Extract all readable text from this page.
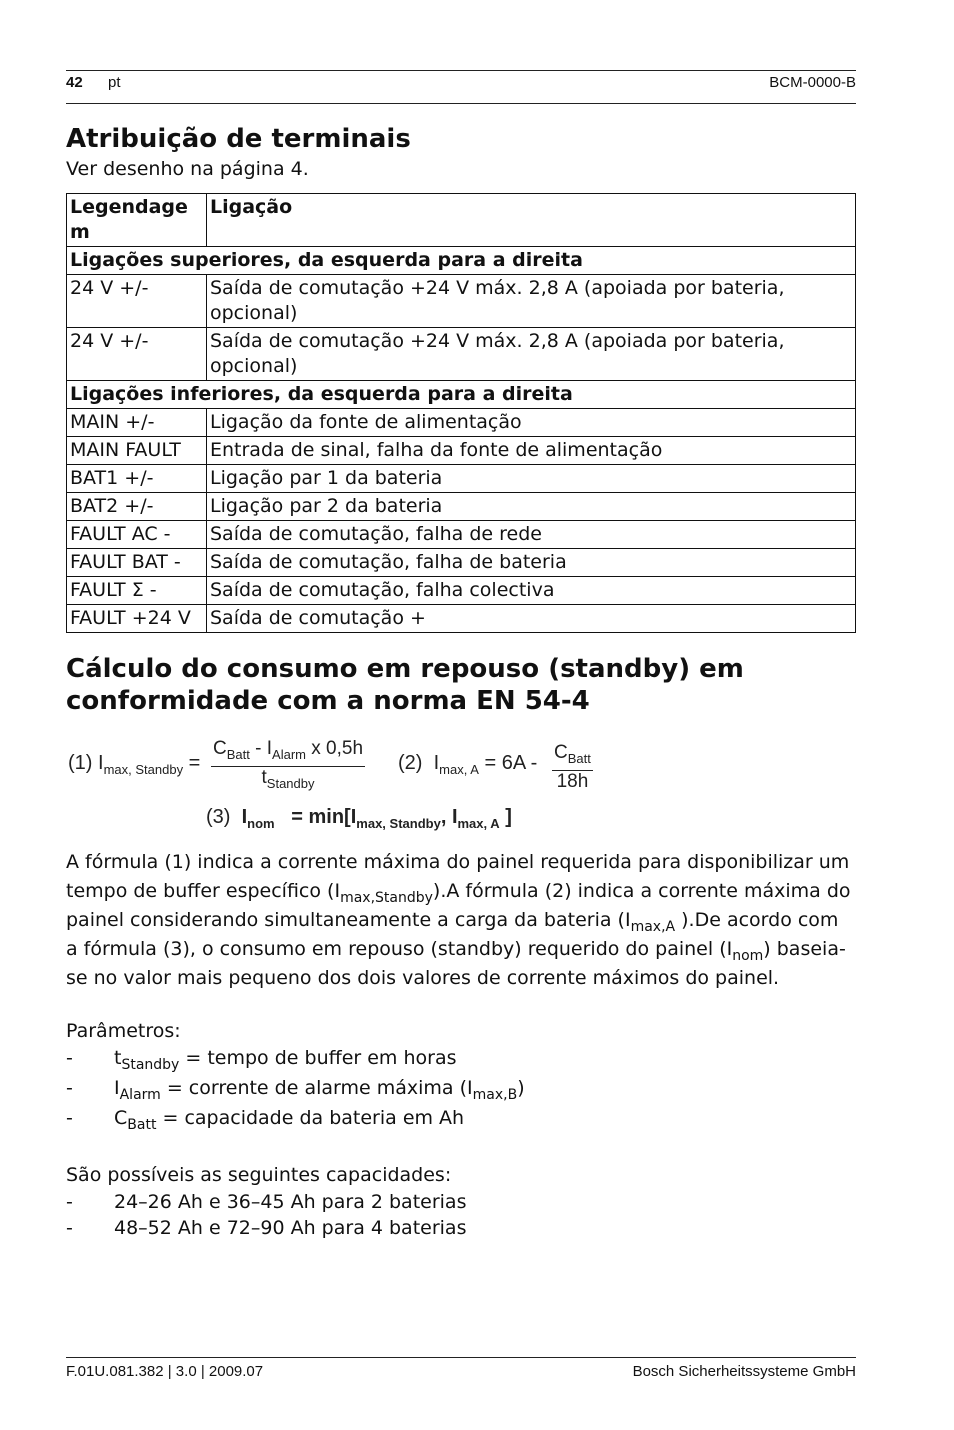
42 pt	BCM-0000-B
Atribuição de terminais

Ver desenho na página 4.

Legendage m	Ligação
Ligações superiores, da esquerda para a direita	
24 V +/-	Saída de comutação +24 V máx. 2,8 A (apoiada por bateria, opcional)
24 V +/-	Saída de comutação +24 V máx. 2,8 A (apoiada por bateria, opcional)
Ligações inferiores, da esquerda para a direita	
MAIN +/-	Ligação da fonte de alimentação
MAIN FAULT	Entrada de sinal, falha da fonte de alimentação
BAT1 +/-	Ligação par 1 da bateria
BAT2 +/-	Ligação par 2 da bateria
FAULT AC -	Saída de comutação, falha de rede
FAULT BAT -	Saída de comutação, falha de bateria
FAULT Σ -	Saída de comutação, falha colectiva
FAULT +24 V	Saída de comutação +
Cálculo do consumo em repouso (standby) em
conformidade com a norma EN 54-4
(1) $I_{max, Standby}$ =
$C_{Batt} - I_{Alarm}$ x 0,5h
$t_{Standby}$
(2) $I_{max, A} = 6A - C_{Batt}$
18h
(3) $I_{nom} = \min[I_{max, Standby}$, $I_{max, A}$ ]
A fórmula (1) indica a corrente máxima do painel requerida para disponibilizar um tempo de buffer específico $(I_{max,Standby}).A$ fórmula (2) indica a corrente máxima do painel considerando simultaneamente a carga da bateria ($I_{max,A}$ ).De acordo com a fórmula (3), o consumo em repouso (standby) requerido do painel $(I_{nom})$ baseia-se no valor mais pequeno dos dois valores de corrente máximos do painel.

Parâmetros:

- $t_{Standby}$ = tempo de buffer em horas
- $I_{Alarm}$ = corrente de alarme máxima $(I_{max,B})$
- $C_{Batt}$ = capacidade da bateria em Ah

São possíveis as seguintes capacidades:

- 24–26 Ah e 36–45 Ah para 2 baterias
- 48–52 Ah e 72–90 Ah para 4 baterias
F.01U.081.382 | 3.0 | 2009.07	Bosch Sicherheitssysteme GmbH
